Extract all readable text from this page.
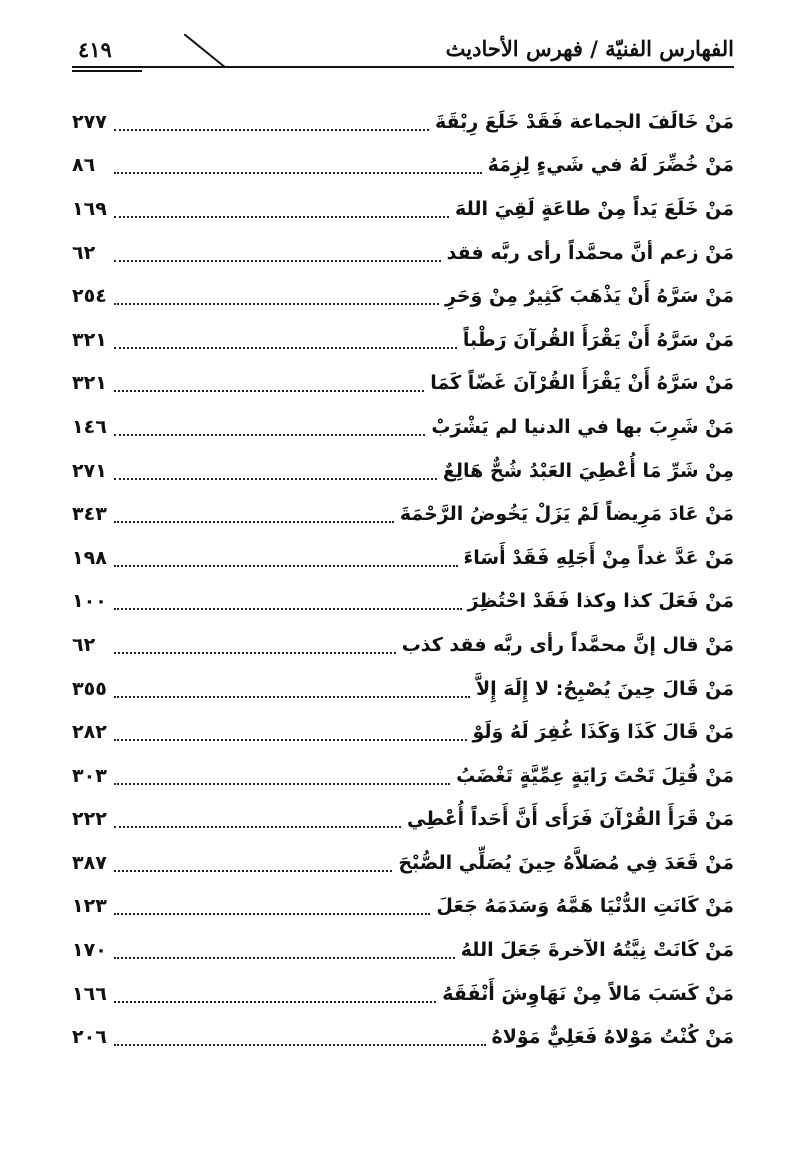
الفهارس الفنيّة / فهرس الأحاديث
٤١٩
مَنْ خَالَفَ الجماعة فَقَدْ خَلَعَ رِبْقَةَ
٢٧٧
مَنْ خُضِّرَ لَهُ في شَيءٍ لِزِمَهُ
٨٦
مَنْ خَلَعَ يَداً مِنْ طاعَةٍ لَقِيَ اللهَ
١٦٩
مَنْ زعم أنَّ محمَّداً رأى ربَّه فقد
٦٢
مَنْ سَرَّهُ أَنْ يَذْهَبَ كَثِيرٌ مِنْ وَحَرِ
٢٥٤
مَنْ سَرَّهُ أَنْ يَقْرَأَ القُرآنَ رَطْباً
٣٢١
مَنْ سَرَّهُ أَنْ يَقْرَأَ القُرْآنَ غَضّاً كَمَا
٣٢١
مَنْ شَرِبَ بها في الدنيا لم يَشْرَبْ
١٤٦
مِنْ شَرِّ مَا أُعْطِيَ العَبْدُ شُحٌّ هَالِعٌ
٢٧١
مَنْ عَادَ مَرِيضاً لَمْ يَزَلْ يَخُوضُ الرَّحْمَةَ
٣٤٣
مَنْ عَدَّ غداً مِنْ أَجَلِهِ فَقَدْ أَسَاءَ
١٩٨
مَنْ فَعَلَ كذا وكذا فَقَدْ احْتُظِرَ
١٠٠
مَنْ قال إنَّ محمَّداً رأى ربَّه فقد كذب
٦٢
مَنْ قَالَ حِينَ يُصْبِحُ: لا إِلَهَ إِلاَّ
٣٥٥
مَنْ قَالَ كَذَا وَكَذَا غُفِرَ لَهُ وَلَوْ
٢٨٢
مَنْ قُتِلَ تَحْتَ رَايَةٍ عِمِّيَّةٍ تَغْضَبُ
٣٠٣
مَنْ قَرَأَ القُرْآنَ فَرَأَى أَنَّ أَحَداً أُعْطِي
٢٢٢
مَنْ قَعَدَ فِي مُصَلاَّهُ حِينَ يُصَلِّي الصُّبْحَ
٣٨٧
مَنْ كَانَتِ الدُّنْيَا هَمَّهُ وَسَدَمَهُ جَعَلَ
١٢٣
مَنْ كَانَتْ نِيَّتُهُ الآخرةَ جَعَلَ اللهُ
١٧٠
مَنْ كَسَبَ مَالاً مِنْ نَهَاوِشَ أَنْفَقَهُ
١٦٦
مَنْ كُنْتُ مَوْلاهُ فَعَلِيٌّ مَوْلاهُ
٢٠٦
